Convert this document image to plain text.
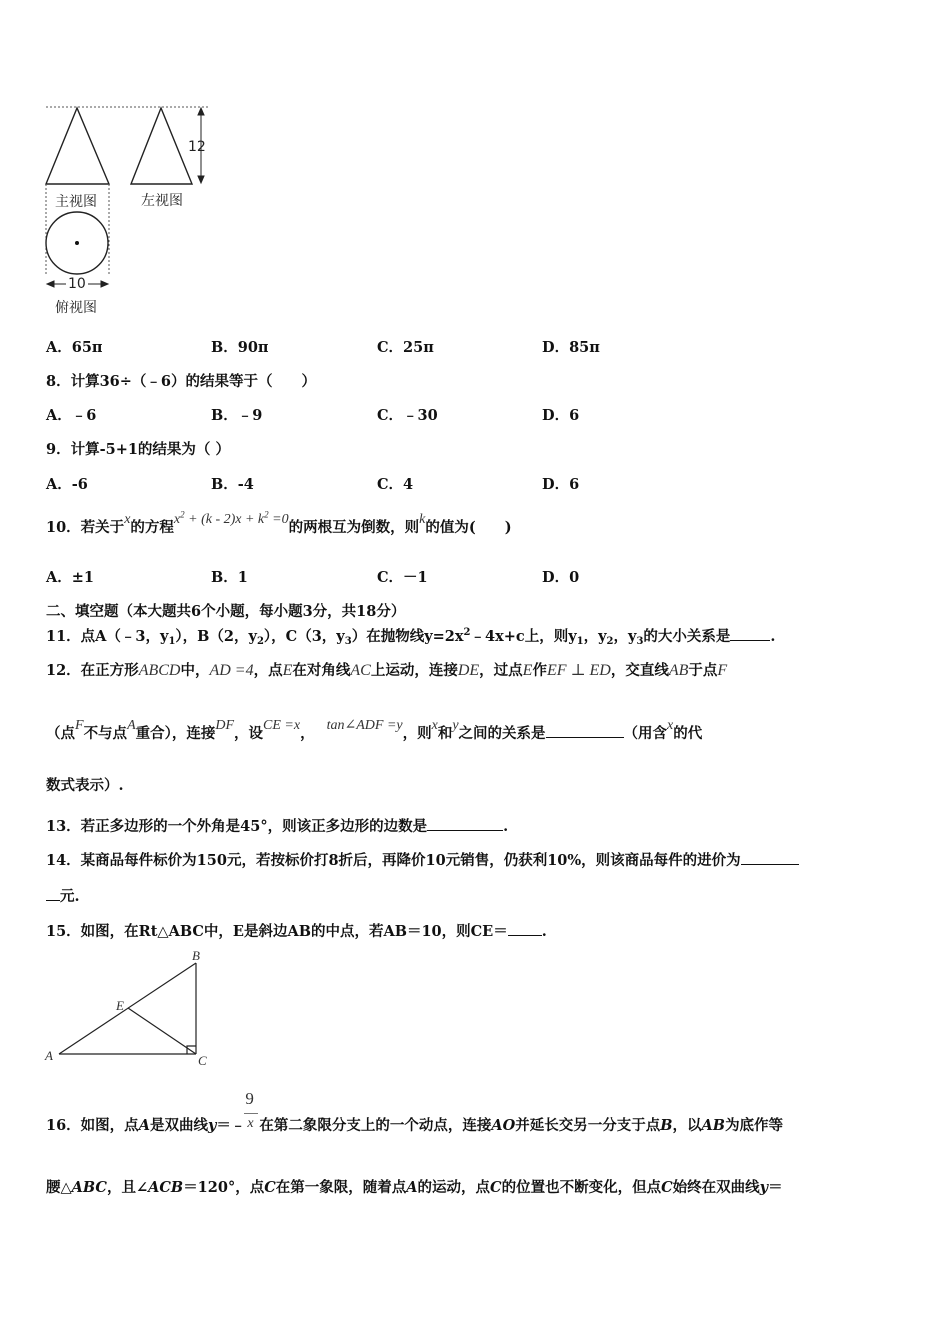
12
主视图	左视图
10
俯视图
A．65π	B．90π	C．25π	D．85π
8．计算36÷（﹣6）的结果等于（　　）
A．﹣6	B．﹣9	C．﹣30	D．6
9．计算-5+1的结果为（ ）
A．-6	B．-4	C．4	D．6
10．若关于x的方程$x^2 + (k - 2)x + k^2 =0$的两根互为倒数，则k的值为(　　)
A．±1	B．1	C．－1	D．0
二、填空题（本大题共6个小题，每小题3分，共18分）
11．点A（﹣3，$y_1$），B（2，$y_2$），C（3，$y_3$）在抛物线$y=2x^2﹣4x+c$上，则$y_1$，$y_2$，$y_3$的大小关系是	.
12．在正方形ABCD中，AD =4，点E在对角线AC上运动，连接DE，过点E作EF ⊥ ED，交直线AB于点F
（点F不与点A重合），连接DF，设CE =x， tan∠ADF =y，则x和y之间的关系是	（用含x的代
数式表示）.
13．若正多边形的一个外角是45°，则该正多边形的边数是	.
14．某商品每件标价为150元，若按标价打8折后，再降价10元销售，仍获利10%，则该商品每件的进价为
元.
15．如图，在Rt△ABC中，E是斜边AB的中点，若AB＝10，则CE＝ .
B
E
A	C
16．如图，点A是双曲线y＝﹣
9
x 在第二象限分支上的一个动点，连接AO并延长交另一分支于点B，以AB为底作等
腰△ABC，且∠ACB＝120°，点C在第一象限，随着点A的运动，点C的位置也不断变化，但点C始终在双曲线y＝
